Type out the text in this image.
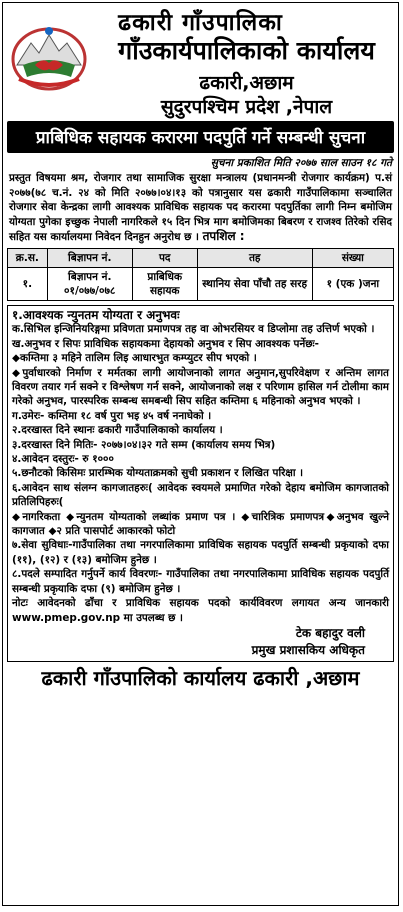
ढकारी गाँउपालिका
गाँउकार्यपालिकाको कार्यालय
ढकारी,अछाम
सुदुरपश्चिम प्रदेश ,नेपाल
प्राबिधिक सहायक करारमा पदपुर्ति गर्ने सम्बन्धी सुचना
सुचना प्रकाशित मिति २०७७ साल साउन १८ गते
प्रस्तुत विषयमा श्रम, रोजगार तथा सामाजिक सुरक्षा मन्त्रालय (प्रधानमन्त्री रोजगार कार्यक्रम) प.सं २०७७(७८ च.नं. २४ को मिति २०७७।०४।१३ को पत्रानुसार यस ढकारी गाउँपालिकामा सञ्चालित रोजगार सेवा केन्द्रका लागी आवश्यक प्राविधिक सहायक पद करारमा पदपुर्तिका लागी निम्न बमोजिम योग्यता पुगेका इच्छुक नेपाली नागरिकले १५ दिन भित्र माग बमोजिमका बिबरण र राजश्व तिरेको रसिद सहित यस कार्यालयमा निवेदन दिनहुन अनुरोध छ । तपशिल :
क्र.स.	बिज्ञापन नं.	पद	तह	संख्या
१.	बिज्ञापन नं. ०१/०७७/०७८	प्राबिधिक सहायक	स्थानिय सेवा पाँचौ तह सरह	१ (एक )जना

१.आवश्यक न्युनतम योग्यता र अनुभवः

क.सिभिल इन्जिनियरिङ्गमा प्रविणता प्रमाणपत्र तह वा ओभरसियर व डिप्लोमा तह उत्तिर्ण भएको ।

ख.अनुभव र सिपः प्राविधिक सहायकमा देहायको अनुभव र सिप आवश्यक पर्नेछः-

◆कम्तिमा ३ महिने तालिम लिइ आधारभुत कम्प्युटर सीप भएको ।

◆पुर्वाधारको निर्माण र मर्मतका लागी आयोजनाको लागत अनुमान,सुपरिवेक्षण र अन्तिम लागत विवरण तयार गर्न सक्ने र विश्लेषण गर्न सक्ने, आयोजनाको लक्ष र परिणाम हासिल गर्न टोलीमा काम गरेको अनुभव, पारस्परिक सम्बन्ध समबन्धी सिप सहित कम्तिमा ६ महिनाको अनुभव भएको ।

ग.उमेरः- कम्तिमा १८ वर्ष पुरा भइ ४५ वर्ष ननाघेको ।

२.दरखास्त दिने स्थानः ढकारी गाउँपालिकाको कार्यालय ।

३.दरखास्त दिने मितिः- २०७७।०४।३२ गते सम्म (कार्यालय समय भित्र)

४.आवेदन दस्तुरः- रु १०००

५.छनौटको किसिमः प्रारम्भिक योग्यताक्रमको सुची प्रकाशन र लिखित परिक्षा ।

६.आवेदन साथ संलग्न कागजातहरुः( आवेदक स्वयमले प्रमाणित गरेको देहाय बमोजिम कागजातको प्रतिलिपिहरुः(

◆नागरिकता ◆न्युनतम योग्यताको लब्धांक प्रमाण पत्र । ◆चारित्रिक प्रमाणपत्र◆अनुभव खुल्ने कागजात ◆२ प्रति पासपोर्ट आकारको फोटो

७.सेवा सुविधाः-गाउँपालिका तथा नगरपालिकामा प्राविधिक सहायक पदपुर्ति सम्बन्धी प्रकृयाको दफा (११), (१२) र (१३) बमोजिम हुनेछ ।

८.पदले सम्पादित गर्नुपर्ने कार्य विवरणः- गाउँपालिका तथा नगरपालिकामा प्राविधिक सहायक पदपुर्ति सम्बन्धी प्रकृयाकि दफा (९) बमोजिम हुनेछ ।

नोटः आवेदनको ढाँचा र प्राविधिक सहायक पदको कार्यविवरण लगायत अन्य जानकारी www.pmep.gov.np मा उपलब्ध छ ।

टेक बहादुर वली
प्रमुख प्रशासकिय अधिकृत
ढकारी गाँउपालिको कार्यालय ढकारी ,अछाम
